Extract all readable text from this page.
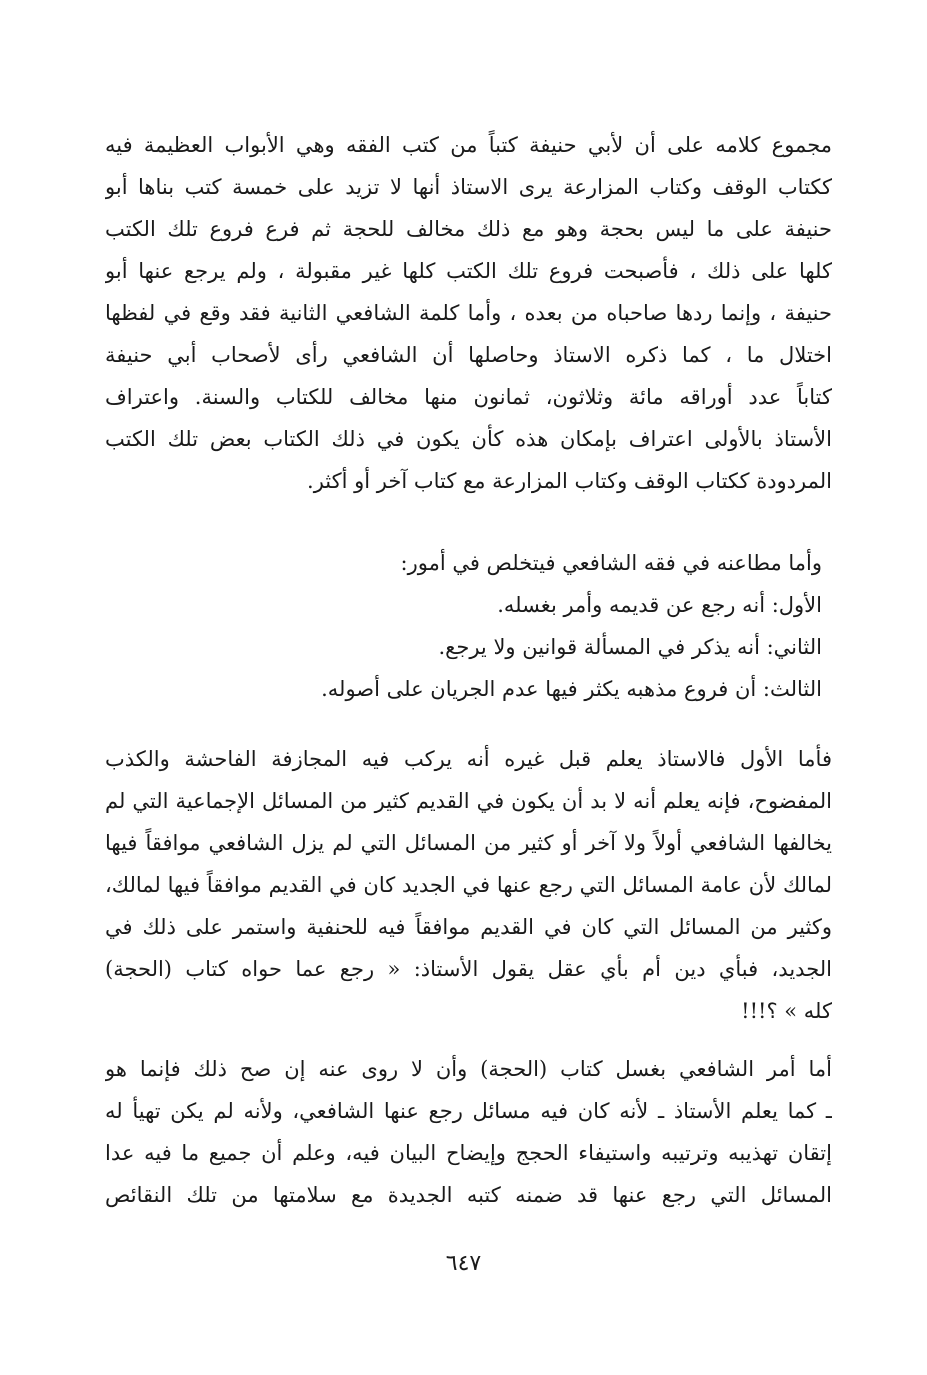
مجموع كلامه على أن لأبي حنيفة كتباً من كتب الفقه وهي الأبواب العظيمة فيه
ككتاب الوقف وكتاب المزارعة يرى الاستاذ أنها لا تزيد على خمسة كتب بناها أبو
حنيفة على ما ليس بحجة وهو مع ذلك مخالف للحجة ثم فرع فروع تلك الكتب
كلها على ذلك ، فأصبحت فروع تلك الكتب كلها غير مقبولة ، ولم يرجع عنها أبو
حنيفة ، وإنما ردها صاحباه من بعده ، وأما كلمة الشافعي الثانية فقد وقع في لفظها
اختلال ما ، كما ذكره الاستاذ وحاصلها أن الشافعي رأى لأصحاب أبي حنيفة
كتاباً عدد أوراقه مائة وثلاثون، ثمانون منها مخالف للكتاب والسنة. واعتراف
الأستاذ بالأولى اعتراف بإمكان هذه كأن يكون في ذلك الكتاب بعض تلك الكتب
المردودة ككتاب الوقف وكتاب المزارعة مع كتاب آخر أو أكثر.
وأما مطاعنه في فقه الشافعي فيتخلص في أمور:
الأول: أنه رجع عن قديمه وأمر بغسله.
الثاني: أنه يذكر في المسألة قوانين ولا يرجع.
الثالث: أن فروع مذهبه يكثر فيها عدم الجريان على أصوله.
فأما الأول فالاستاذ يعلم قبل غيره أنه يركب فيه المجازفة الفاحشة والكذب
المفضوح، فإنه يعلم أنه لا بد أن يكون في القديم كثير من المسائل الإجماعية التي لم
يخالفها الشافعي أولاً ولا آخر أو كثير من المسائل التي لم يزل الشافعي موافقاً فيها
لمالك لأن عامة المسائل التي رجع عنها في الجديد كان في القديم موافقاً فيها لمالك،
وكثير من المسائل التي كان في القديم موافقاً فيه للحنفية واستمر على ذلك في
الجديد، فبأي دين أم بأي عقل يقول الأستاذ: « رجع عما حواه كتاب (الحجة)
كله » ؟!!!
أما أمر الشافعي بغسل كتاب (الحجة) وأن لا روى عنه إن صح ذلك فإنما هو
ـ كما يعلم الأستاذ ـ لأنه كان فيه مسائل رجع عنها الشافعي، ولأنه لم يكن تهيأ له
إتقان تهذيبه وترتيبه واستيفاء الحجج وإيضاح البيان فيه، وعلم أن جميع ما فيه عدا
المسائل التي رجع عنها قد ضمنه كتبه الجديدة مع سلامتها من تلك النقائص
٦٤٧
